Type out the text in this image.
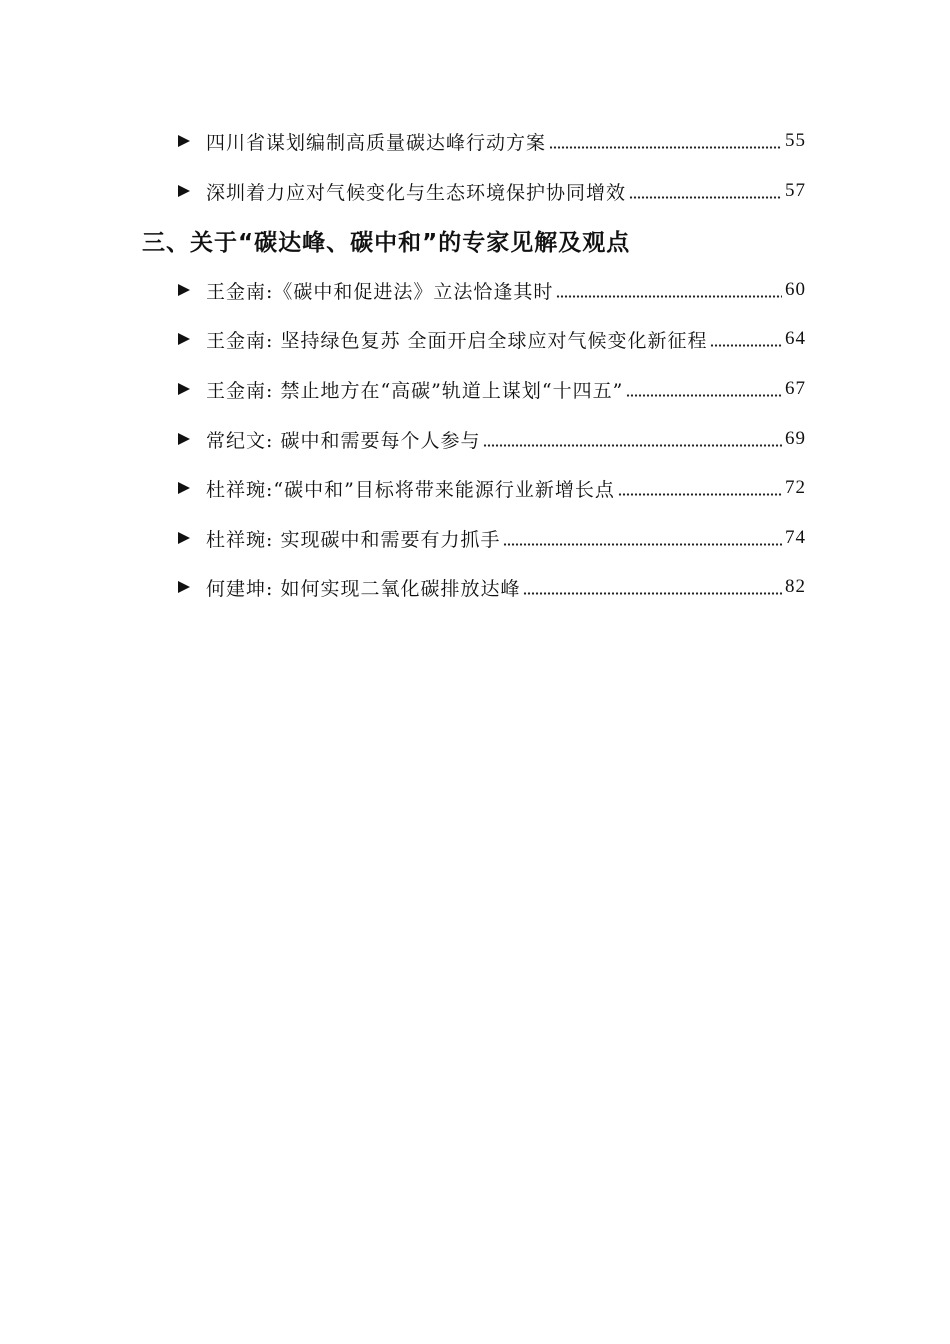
四川省谋划编制高质量碳达峰行动方案	55
深圳着力应对气候变化与生态环境保护协同增效	57
三、关于“碳达峰、碳中和”的专家见解及观点
王金南:《碳中和促进法》立法恰逢其时	60
王金南: 坚持绿色复苏 全面开启全球应对气候变化新征程	64
王金南: 禁止地方在“高碳”轨道上谋划“十四五”	67
常纪文: 碳中和需要每个人参与	69
杜祥琬:“碳中和”目标将带来能源行业新增长点	72
杜祥琬: 实现碳中和需要有力抓手	74
何建坤: 如何实现二氧化碳排放达峰	82
